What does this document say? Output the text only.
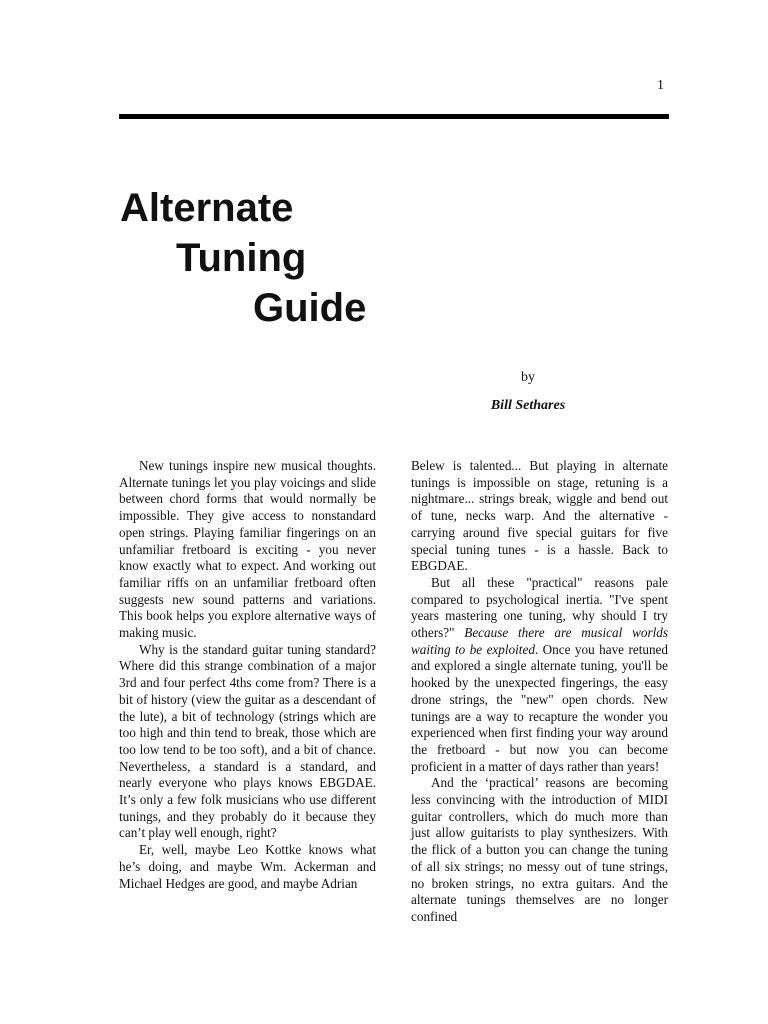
1
Alternate
Tuning
Guide
by
Bill Sethares

New tunings inspire new musical thoughts. Alternate tunings let you play voicings and slide between chord forms that would normally be impossible. They give access to nonstandard open strings. Playing familiar fingerings on an unfamiliar fretboard is exciting - you never know exactly what to expect. And working out familiar riffs on an unfamiliar fretboard often suggests new sound patterns and variations. This book helps you explore alternative ways of making music.

Why is the standard guitar tuning standard? Where did this strange combination of a major 3rd and four perfect 4ths come from? There is a bit of history (view the guitar as a descendant of the lute), a bit of technology (strings which are too high and thin tend to break, those which are too low tend to be too soft), and a bit of chance. Nevertheless, a standard is a standard, and nearly everyone who plays knows EBGDAE. It’s only a few folk musicians who use different tunings, and they probably do it because they can’t play well enough, right?

Er, well, maybe Leo Kottke knows what he’s doing, and maybe Wm. Ackerman and Michael Hedges are good, and maybe Adrian

Belew is talented... But playing in alternate tunings is impossible on stage, retuning is a nightmare... strings break, wiggle and bend out of tune, necks warp. And the alternative - carrying around five special guitars for five special tuning tunes - is a hassle. Back to EBGDAE.

But all these "practical" reasons pale compared to psychological inertia. "I've spent years mastering one tuning, why should I try others?" Because there are musical worlds waiting to be exploited. Once you have retuned and explored a single alternate tuning, you'll be hooked by the unexpected fingerings, the easy drone strings, the "new" open chords. New tunings are a way to recapture the wonder you experienced when first finding your way around the fretboard - but now you can become proficient in a matter of days rather than years!

And the ‘practical’ reasons are becoming less convincing with the introduction of MIDI guitar controllers, which do much more than just allow guitarists to play synthesizers. With the flick of a button you can change the tuning of all six strings; no messy out of tune strings, no broken strings, no extra guitars. And the alternate tunings themselves are no longer confined
